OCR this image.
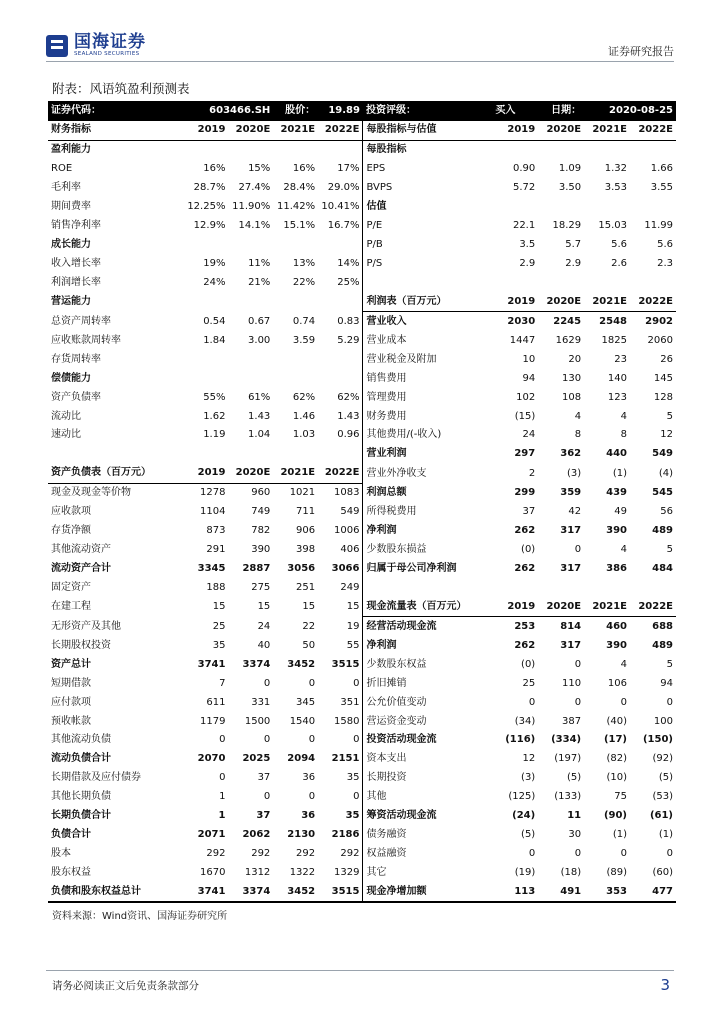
国海证券
SEALAND SECURITIES	证券研究报告
附表：风语筑盈利预测表
证券代码：	603466.SH		股价：	19.89	投资评级：	买入	日期：	2020-08-25	
财务指标	2019	2020E	2021E	2022E	每股指标与估值	2019	2020E	2021E	2022E
盈利能力					每股指标				
ROE	16%	15%	16%	17%	EPS	0.90	1.09	1.32	1.66
毛利率	28.7%	27.4%	28.4%	29.0%	BVPS	5.72	3.50	3.53	3.55
期间费率	12.25%	11.90%	11.42%	10.41%	估值				
销售净利率	12.9%	14.1%	15.1%	16.7%	P/E	22.1	18.29	15.03	11.99
成长能力					P/B	3.5	5.7	5.6	5.6
收入增长率	19%	11%	13%	14%	P/S	2.9	2.9	2.6	2.3
利润增长率	24%	21%	22%	25%					
营运能力					利润表（百万元）	2019	2020E	2021E	2022E
总资产周转率	0.54	0.67	0.74	0.83	营业收入	2030	2245	2548	2902
应收账款周转率	1.84	3.00	3.59	5.29	营业成本	1447	1629	1825	2060
存货周转率					营业税金及附加	10	20	23	26
偿债能力					销售费用	94	130	140	145
资产负债率	55%	61%	62%	62%	管理费用	102	108	123	128
流动比	1.62	1.43	1.46	1.43	财务费用	(15)	4	4	5
速动比	1.19	1.04	1.03	0.96	其他费用/(-收入)	24	8	8	12
					营业利润	297	362	440	549
资产负债表（百万元）	2019	2020E	2021E	2022E	营业外净收支	2	(3)	(1)	(4)
现金及现金等价物	1278	960	1021	1083	利润总额	299	359	439	545
应收款项	1104	749	711	549	所得税费用	37	42	49	56
存货净额	873	782	906	1006	净利润	262	317	390	489
其他流动资产	291	390	398	406	少数股东损益	(0)	0	4	5
流动资产合计	3345	2887	3056	3066	归属于母公司净利润	262	317	386	484
固定资产	188	275	251	249					
在建工程	15	15	15	15	现金流量表（百万元）	2019	2020E	2021E	2022E
无形资产及其他	25	24	22	19	经营活动现金流	253	814	460	688
长期股权投资	35	40	50	55	净利润	262	317	390	489
资产总计	3741	3374	3452	3515	少数股东权益	(0)	0	4	5
短期借款	7	0	0	0	折旧摊销	25	110	106	94
应付款项	611	331	345	351	公允价值变动	0	0	0	0
预收帐款	1179	1500	1540	1580	营运资金变动	(34)	387	(40)	100
其他流动负债	0	0	0	0	投资活动现金流	(116)	(334)	(17)	(150)
流动负债合计	2070	2025	2094	2151	资本支出	12	(197)	(82)	(92)
长期借款及应付债券	0	37	36	35	长期投资	(3)	(5)	(10)	(5)
其他长期负债	1	0	0	0	其他	(125)	(133)	75	(53)
长期负债合计	1	37	36	35	筹资活动现金流	(24)	11	(90)	(61)
负债合计	2071	2062	2130	2186	债务融资	(5)	30	(1)	(1)
股本	292	292	292	292	权益融资	0	0	0	0
股东权益	1670	1312	1322	1329	其它	(19)	(18)	(89)	(60)
负债和股东权益总计	3741	3374	3452	3515	现金净增加额	113	491	353	477
资料来源：Wind资讯、国海证券研究所
请务必阅读正文后免责条款部分	3
